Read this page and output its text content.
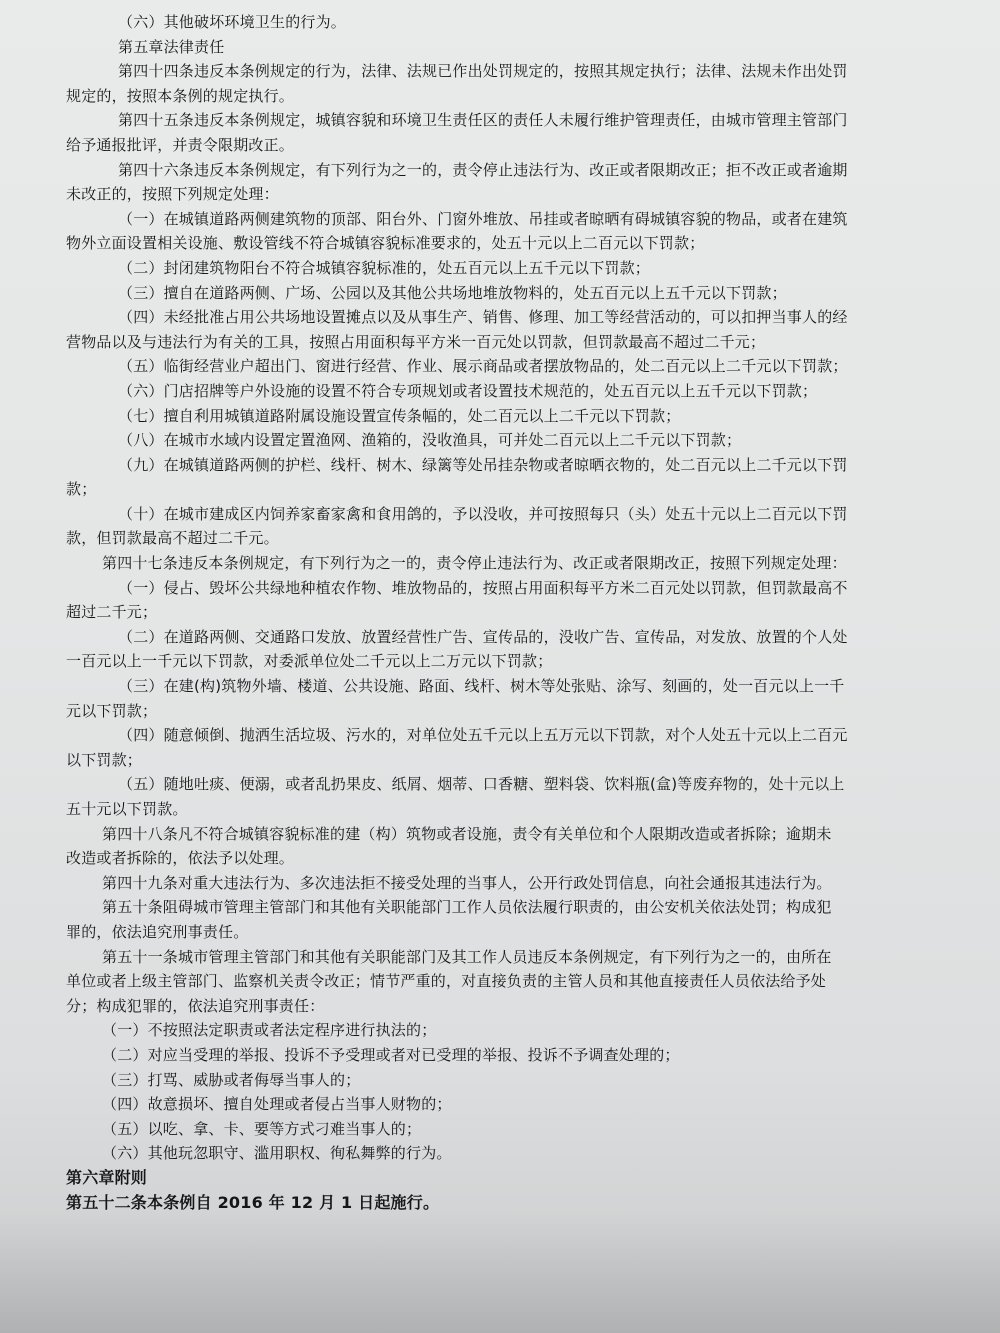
（六）其他破坏环境卫生的行为。
第五章法律责任
第四十四条违反本条例规定的行为，法律、法规已作出处罚规定的，按照其规定执行；法律、法规未作出处罚
规定的，按照本条例的规定执行。
第四十五条违反本条例规定，城镇容貌和环境卫生责任区的责任人未履行维护管理责任，由城市管理主管部门
给予通报批评，并责令限期改正。
第四十六条违反本条例规定，有下列行为之一的，责令停止违法行为、改正或者限期改正；拒不改正或者逾期
未改正的，按照下列规定处理：
（一）在城镇道路两侧建筑物的顶部、阳台外、门窗外堆放、吊挂或者晾晒有碍城镇容貌的物品，或者在建筑
物外立面设置相关设施、敷设管线不符合城镇容貌标准要求的，处五十元以上二百元以下罚款；
（二）封闭建筑物阳台不符合城镇容貌标准的，处五百元以上五千元以下罚款；
（三）擅自在道路两侧、广场、公园以及其他公共场地堆放物料的，处五百元以上五千元以下罚款；
（四）未经批准占用公共场地设置摊点以及从事生产、销售、修理、加工等经营活动的，可以扣押当事人的经
营物品以及与违法行为有关的工具，按照占用面积每平方米一百元处以罚款，但罚款最高不超过二千元；
（五）临街经营业户超出门、窗进行经营、作业、展示商品或者摆放物品的，处二百元以上二千元以下罚款；
（六）门店招牌等户外设施的设置不符合专项规划或者设置技术规范的，处五百元以上五千元以下罚款；
（七）擅自利用城镇道路附属设施设置宣传条幅的，处二百元以上二千元以下罚款；
（八）在城市水域内设置定置渔网、渔箱的，没收渔具，可并处二百元以上二千元以下罚款；
（九）在城镇道路两侧的护栏、线杆、树木、绿篱等处吊挂杂物或者晾晒衣物的，处二百元以上二千元以下罚
款；
（十）在城市建成区内饲养家畜家禽和食用鸽的，予以没收，并可按照每只（头）处五十元以上二百元以下罚
款，但罚款最高不超过二千元。
第四十七条违反本条例规定，有下列行为之一的，责令停止违法行为、改正或者限期改正，按照下列规定处理：
（一）侵占、毁坏公共绿地种植农作物、堆放物品的，按照占用面积每平方米二百元处以罚款，但罚款最高不
超过二千元；
（二）在道路两侧、交通路口发放、放置经营性广告、宣传品的，没收广告、宣传品，对发放、放置的个人处
一百元以上一千元以下罚款，对委派单位处二千元以上二万元以下罚款；
（三）在建(构)筑物外墙、楼道、公共设施、路面、线杆、树木等处张贴、涂写、刻画的，处一百元以上一千
元以下罚款；
（四）随意倾倒、抛洒生活垃圾、污水的，对单位处五千元以上五万元以下罚款，对个人处五十元以上二百元
以下罚款；
（五）随地吐痰、便溺，或者乱扔果皮、纸屑、烟蒂、口香糖、塑料袋、饮料瓶(盒)等废弃物的，处十元以上
五十元以下罚款。
第四十八条凡不符合城镇容貌标准的建（构）筑物或者设施，责令有关单位和个人限期改造或者拆除；逾期未
改造或者拆除的，依法予以处理。
第四十九条对重大违法行为、多次违法拒不接受处理的当事人，公开行政处罚信息，向社会通报其违法行为。
第五十条阻碍城市管理主管部门和其他有关职能部门工作人员依法履行职责的，由公安机关依法处罚；构成犯
罪的，依法追究刑事责任。
第五十一条城市管理主管部门和其他有关职能部门及其工作人员违反本条例规定，有下列行为之一的，由所在
单位或者上级主管部门、监察机关责令改正；情节严重的，对直接负责的主管人员和其他直接责任人员依法给予处
分；构成犯罪的，依法追究刑事责任：
（一）不按照法定职责或者法定程序进行执法的；
（二）对应当受理的举报、投诉不予受理或者对已受理的举报、投诉不予调查处理的；
（三）打骂、威胁或者侮辱当事人的；
（四）故意损坏、擅自处理或者侵占当事人财物的；
（五）以吃、拿、卡、要等方式刁难当事人的；
（六）其他玩忽职守、滥用职权、徇私舞弊的行为。
第六章附则
第五十二条本条例自 2016 年 12 月 1 日起施行。
